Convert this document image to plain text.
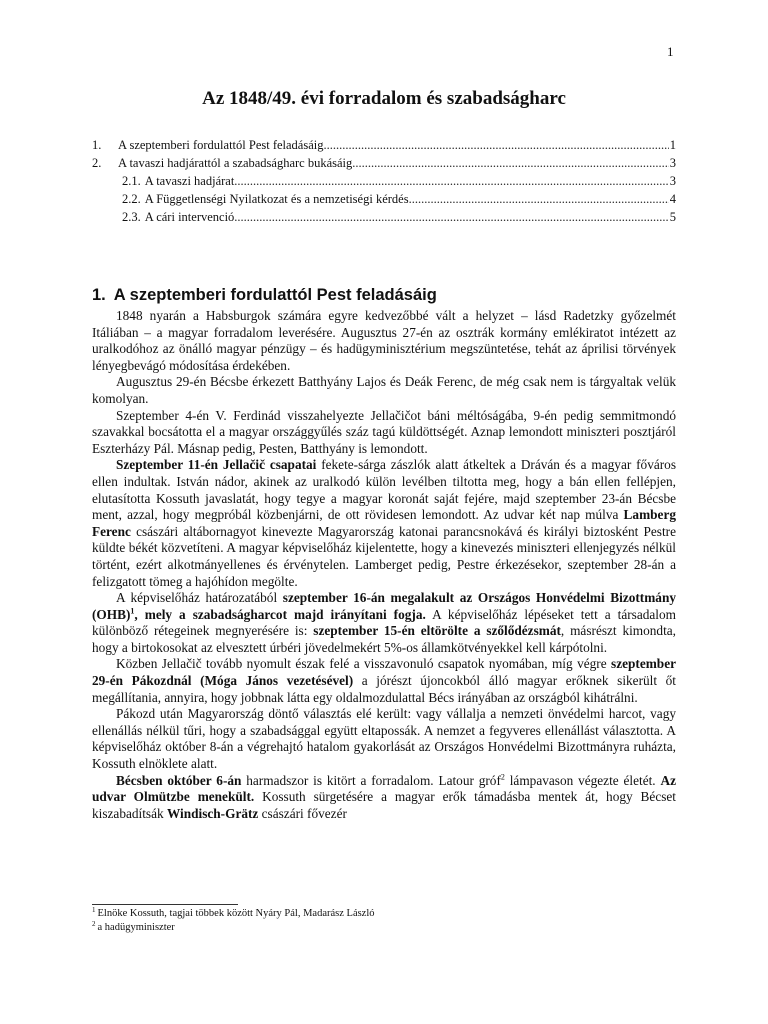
1
Az 1848/49. évi forradalom és szabadságharc
1.	A szeptemberi fordulattól Pest feladásáig .....	1
2.	A tavaszi hadjárattól a szabadságharc bukásáig .....	3
2.1. A tavaszi hadjárat .....	3
2.2. A Függetlenségi Nyilatkozat és a nemzetiségi kérdés .....	4
2.3. A cári intervenció .....	5
1. A szeptemberi fordulattól Pest feladásáig

1848 nyarán a Habsburgok számára egyre kedvezőbbé vált a helyzet – lásd Radetzky győzelmét Itáliában – a magyar forradalom leverésére. Augusztus 27-én az osztrák kormány emlékiratot intézett az uralkodóhoz az önálló magyar pénzügy – és hadügyminisztérium megszüntetése, tehát az áprilisi törvények lényegbevágó módosítása érdekében.

Augusztus 29-én Bécsbe érkezett Batthyány Lajos és Deák Ferenc, de még csak nem is tárgyaltak velük komolyan.

Szeptember 4-én V. Ferdinád visszahelyezte Jellačičot báni méltóságába, 9-én pedig semmitmondó szavakkal bocsátotta el a magyar országgyűlés száz tagú küldöttségét. Aznap lemondott miniszteri posztjáról Eszterházy Pál. Másnap pedig, Pesten, Batthyány is lemondott.

Szeptember 11-én Jellačič csapatai fekete-sárga zászlók alatt átkeltek a Dráván és a magyar főváros ellen indultak. István nádor, akinek az uralkodó külön levélben tiltotta meg, hogy a bán ellen fellépjen, elutasította Kossuth javaslatát, hogy tegye a magyar koronát saját fejére, majd szeptember 23-án Bécsbe ment, azzal, hogy megpróbál közbenjárni, de ott rövidesen lemondott. Az udvar két nap múlva Lamberg Ferenc császári altábornagyot kinevezte Magyarország katonai parancsnokává és királyi biztosként Pestre küldte békét közvetíteni. A magyar képviselőház kijelentette, hogy a kinevezés miniszteri ellenjegyzés nélkül történt, ezért alkotmányellenes és érvénytelen. Lamberget pedig, Pestre érkezésekor, szeptember 28-án a felizgatott tömeg a hajóhídon megölte.

A képviselőház határozatából szeptember 16-án megalakult az Országos Honvédelmi Bizottmány (OHB)$^1$, mely a szabadságharcot majd irányítani fogja. A képviselőház lépéseket tett a társadalom különböző rétegeinek megnyerésére is: szeptember 15-én eltörölte a szőlődézsmát, másrészt kimondta, hogy a birtokosokat az elvesztett úrbéri jövedelmekért 5%-os államkötvényekkel kell kárpótolni.

Közben Jellačič tovább nyomult észak felé a visszavonuló csapatok nyomában, míg végre szeptember 29-én Pákozdnál (Móga János vezetésével) a jórészt újoncokból álló magyar erőknek sikerült őt megállítania, annyira, hogy jobbnak látta egy oldalmozdulattal Bécs irányában az országból kihátrálni.

Pákozd után Magyarország döntő választás elé került: vagy vállalja a nemzeti önvédelmi harcot, vagy ellenállás nélkül tűri, hogy a szabadsággal együtt eltapossák. A nemzet a fegyveres ellenállást választotta. A képviselőház október 8-án a végrehajtó hatalom gyakorlását az Országos Honvédelmi Bizottmányra ruházta, Kossuth elnöklete alatt.

Bécsben október 6-án harmadszor is kitört a forradalom. Latour gróf$^2$ lámpavason végezte életét. Az udvar Olmützbe menekült. Kossuth sürgetésére a magyar erők támadásba mentek át, hogy Bécset kiszabadítsák Windisch-Grätz császári fővezér

$^1$ Elnöke Kossuth, tagjai többek között Nyáry Pál, Madarász László
$^2$ a hadügyminiszter
